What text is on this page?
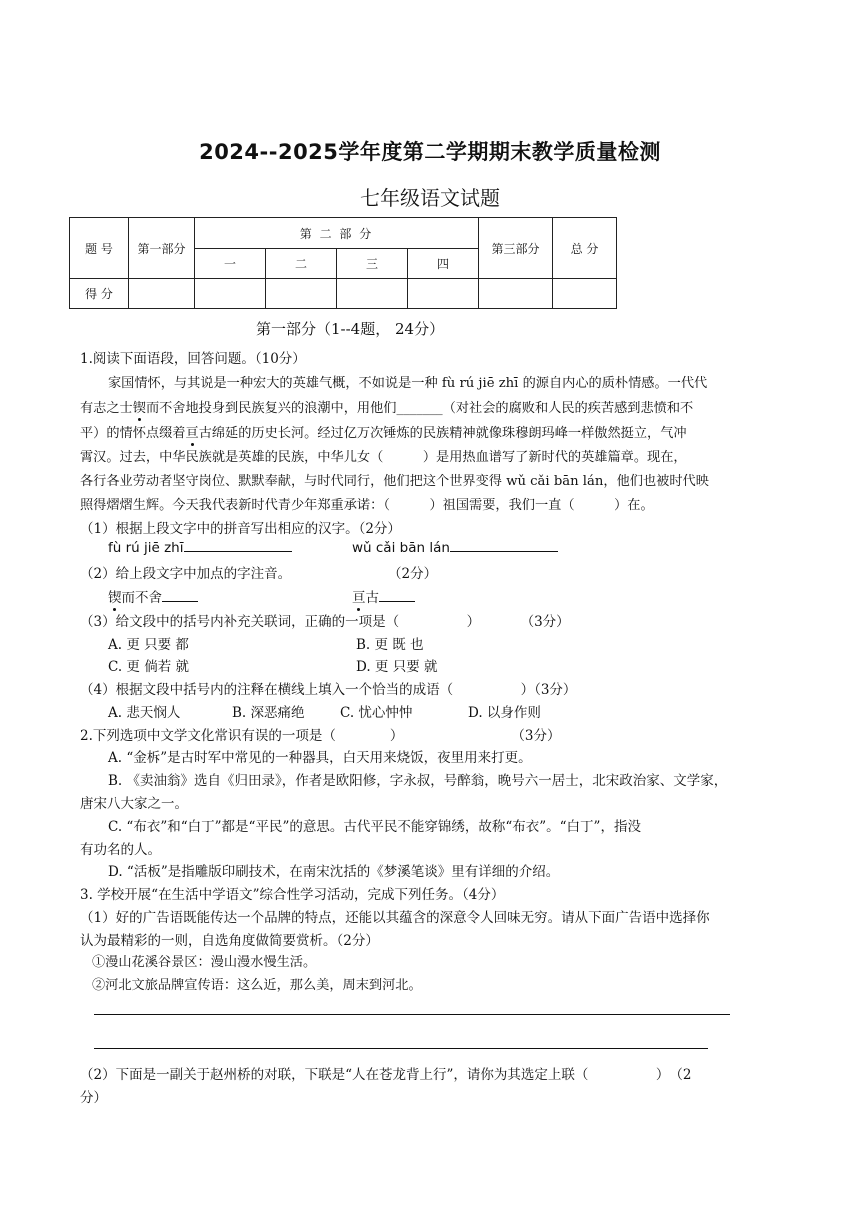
2024--2025学年度第二学期期末教学质量检测
七年级语文试题
题 号	第一部分	第 二 部 分				第三部分	总 分
		一	二	三	四		
得 分							
第一部分（1--4题， 24分）
1.阅读下面语段，回答问题。（10分）
家国情怀，与其说是一种宏大的英雄气概，不如说是一种 fù rú jiē zhī 的源自内心的质朴情感。一代代
有志之士锲而不舍地投身到民族复兴的浪潮中，用他们_______（对社会的腐败和人民的疾苦感到悲愤和不
平）的情怀点缀着亘古绵延的历史长河。经过亿万次锤炼的民族精神就像珠穆朗玛峰一样傲然挺立，气冲
霄汉。过去，中华民族就是英雄的民族，中华儿女（　　　）是用热血谱写了新时代的英雄篇章。现在，
各行各业劳动者坚守岗位、默默奉献，与时代同行，他们把这个世界变得 wǔ cǎi bān lán，他们也被时代映
照得熠熠生辉。今天我代表新时代青少年郑重承诺：（　　　）祖国需要，我们一直（　　　）在。
（1）根据上段文字中的拼音写出相应的汉字。（2分）
fù rú jiē zhī	wǔ cǎi bān lán
（2）给上段文字中加点的字注音。	（2分）
锲而不舍	亘古
（3）给文段中的括号内补充关联词，正确的一项是（　　　　　）　　　　（3分）
A. 更 只要 都	B. 更 既 也
C. 更 倘若 就	D. 更 只要 就
（4）根据文段中括号内的注释在横线上填入一个恰当的成语（　　　　　）（3分）
A. 悲天悯人	B. 深恶痛绝	C. 忧心忡忡	D. 以身作则
2.下列选项中文学文化常识有误的一项是（　　　　）　　　　　　　　　（3分）
A. “金柝”是古时军中常见的一种器具，白天用来烧饭，夜里用来打更。
B. 《卖油翁》选自《归田录》，作者是欧阳修，字永叔，号醉翁，晚号六一居士，北宋政治家、文学家，
唐宋八大家之一。
C. “布衣”和“白丁”都是“平民”的意思。古代平民不能穿锦绣，故称“布衣”。“白丁”，指没
有功名的人。
D. “活板”是指雕版印刷技术，在南宋沈括的《梦溪笔谈》里有详细的介绍。
3. 学校开展“在生活中学语文”综合性学习活动，完成下列任务。（4分）
（1）好的广告语既能传达一个品牌的特点，还能以其蕴含的深意令人回味无穷。请从下面广告语中选择你
认为最精彩的一则，自选角度做简要赏析。（2分）
①漫山花溪谷景区：漫山漫水慢生活。
②河北文旅品牌宣传语：这么近，那么美，周末到河北。
（2）下面是一副关于赵州桥的对联，下联是“人在苍龙背上行”，请你为其选定上联（　　　　　）　（2
分）
